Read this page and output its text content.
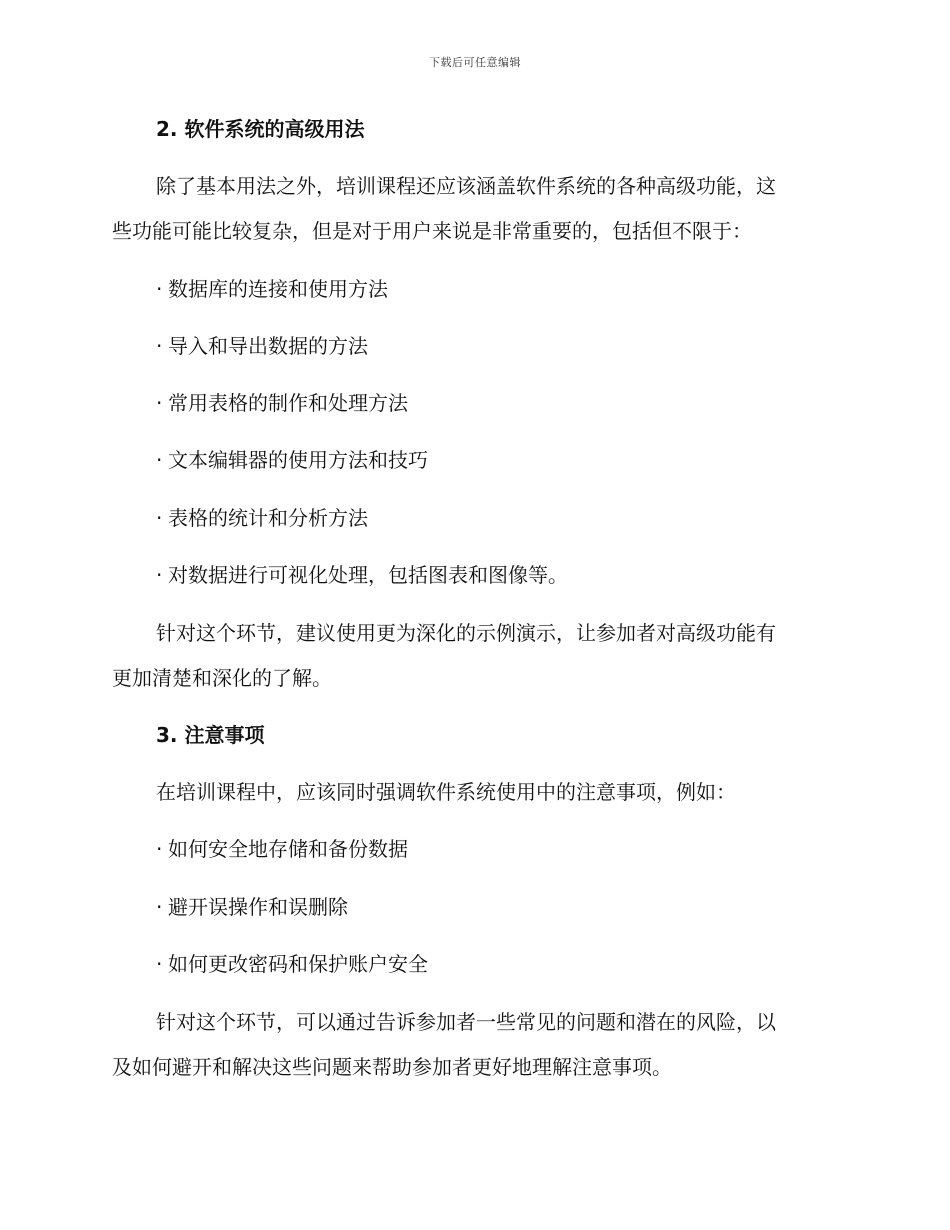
下载后可任意编辑
2. 软件系统的高级用法
除了基本用法之外，培训课程还应该涵盖软件系统的各种高级功能，这
些功能可能比较复杂，但是对于用户来说是非常重要的，包括但不限于：
· 数据库的连接和使用方法
· 导入和导出数据的方法
· 常用表格的制作和处理方法
· 文本编辑器的使用方法和技巧
· 表格的统计和分析方法
· 对数据进行可视化处理，包括图表和图像等。
针对这个环节，建议使用更为深化的示例演示，让参加者对高级功能有
更加清楚和深化的了解。
3. 注意事项
在培训课程中，应该同时强调软件系统使用中的注意事项，例如：
· 如何安全地存储和备份数据
· 避开误操作和误删除
· 如何更改密码和保护账户安全
针对这个环节，可以通过告诉参加者一些常见的问题和潜在的风险，以
及如何避开和解决这些问题来帮助参加者更好地理解注意事项。
